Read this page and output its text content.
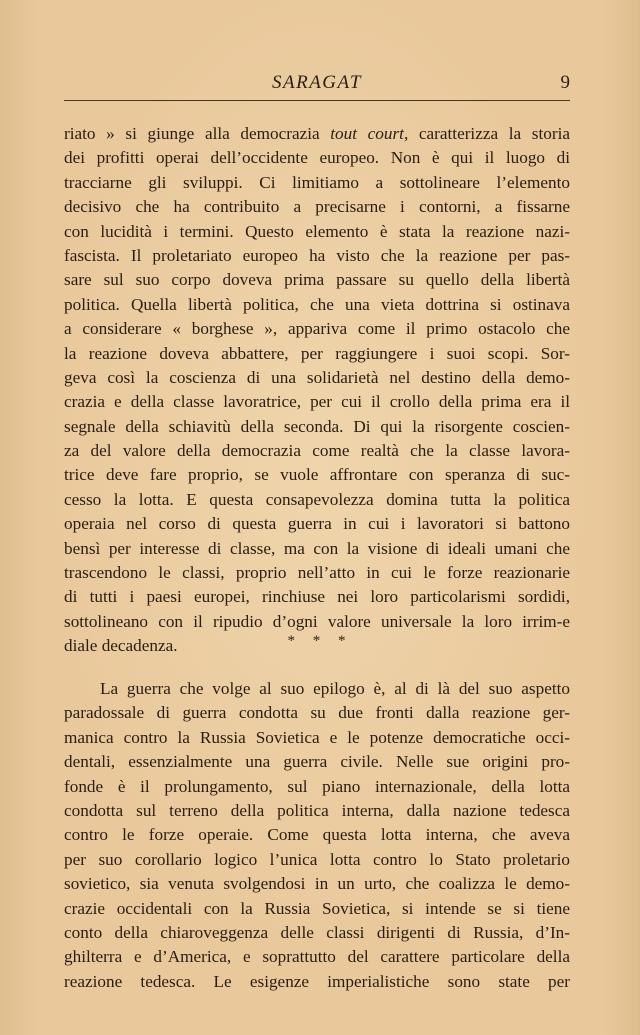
SARAGAT	9
riato » si giunge alla democrazia tout court, caratterizza la storia
dei profitti operai dell’occidente europeo. Non è qui il luogo di
tracciarne gli sviluppi. Ci limitiamo a sottolineare l’elemento
decisivo che ha contribuito a precisarne i contorni, a fissarne
con lucidità i termini. Questo elemento è stata la reazione nazi-
fascista. Il proletariato europeo ha visto che la reazione per pas-
sare sul suo corpo doveva prima passare su quello della libertà
politica. Quella libertà politica, che una vieta dottrina si ostinava
a considerare « borghese », appariva come il primo ostacolo che
la reazione doveva abbattere, per raggiungere i suoi scopi. Sor-
geva così la coscienza di una solidarietà nel destino della demo-
crazia e della classe lavoratrice, per cui il crollo della prima era il
segnale della schiavitù della seconda. Di qui la risorgente coscien-
za del valore della democrazia come realtà che la classe lavora-
trice deve fare proprio, se vuole affrontare con speranza di suc-
cesso la lotta. E questa consapevolezza domina tutta la politica
operaia nel corso di questa guerra in cui i lavoratori si battono
bensì per interesse di classe, ma con la visione di ideali umani che
trascendono le classi, proprio nell’atto in cui le forze reazionarie
di tutti i paesi europei, rinchiuse nei loro particolarismi sordidi,
sottolineano con il ripudio d’ogni valore universale la loro irrim-e
diale decadenza.	* * *
La guerra che volge al suo epilogo è, al di là del suo aspetto
paradossale di guerra condotta su due fronti dalla reazione ger-
manica contro la Russia Sovietica e le potenze democratiche occi-
dentali, essenzialmente una guerra civile. Nelle sue origini pro-
fonde è il prolungamento, sul piano internazionale, della lotta
condotta sul terreno della politica interna, dalla nazione tedesca
contro le forze operaie. Come questa lotta interna, che aveva
per suo corollario logico l’unica lotta contro lo Stato proletario
sovietico, sia venuta svolgendosi in un urto, che coalizza le demo-
crazie occidentali con la Russia Sovietica, si intende se si tiene
conto della chiaroveggenza delle classi dirigenti di Russia, d’In-
ghilterra e d’America, e soprattutto del carattere particolare della
reazione tedesca. Le esigenze imperialistiche sono state per
